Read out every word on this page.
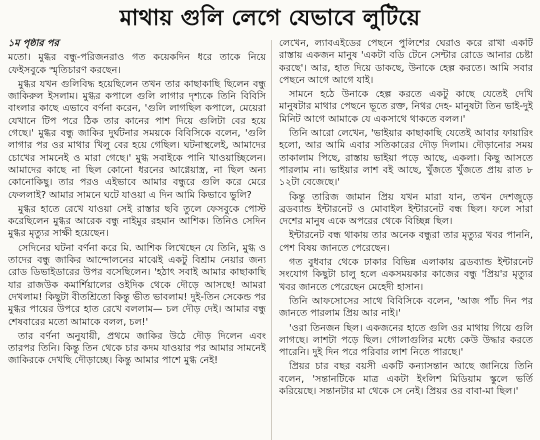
মাথায় গুলি লেগে যেভাবে লুটিয়ে

১ম পৃষ্ঠার পর

মতো। মুগ্ধর বন্ধু-পরিজনরাও গত কয়েকদিন ধরে তাকে নিয়ে ফেইসবুকে স্মৃতিচারণ করছেন।

মুগ্ধর যখন গুলিবিদ্ধ হয়েছিলেন তখন তার কাছাকাছি ছিলেন বন্ধু জাকিরুল ইসলাম। মুগ্ধর কপালে গুলি লাগার দৃশ্যকে তিনি বিবিসি বাংলার কাছে এভাবে বর্ণনা করেন, 'গুলি লাগছিল কপালে, মেয়েরা যেখানে টিপ পরে ঠিক তার কানের পাশ দিয়ে গুলিটা বের হয়ে গেছে।' মুগ্ধর বন্ধু জাকির দুর্ঘটনার সময়কে বিবিসিকে বলেন, 'গুলি লাগার পর ওর মাথার খিলু বের হয়ে গেছিল। ঘটনাস্থলেই, আমাদের চোখের সামনেই ও মারা গেছে।' মুগ্ধ সবাইকে পানি খাওয়াচ্ছিলেন। আমাদের কাছে না ছিল কোনো ধরনের আগ্নেয়াস্ত্র, না ছিল অন্য কোনোকিছু। তার পরও এইভাবে আমার বন্ধুরে গুলি করে মেরে ফেললাই? আমার সামনে ঘটে যাওয়া এ দিন আমি কিভাবে ভুলি?

মুগ্ধর হাতে রেখে যাওয়া সেই রাস্তার ছবি তুলে ফেসবুকে পোস্ট করেছিলেন মুগ্ধর আরেক বন্ধু নাইমুর রহমান আশিক। তিনিও সেদিন মুগ্ধর মৃত্যুর সাক্ষী হয়েছেন।

সেদিনের ঘটনা বর্ণনা করে মি. আশিক লিখেছেন যে তিনি, মুগ্ধ ও তাদের বন্ধু জাকির আন্দোলনের মাঝেই একটু বিশ্রাম নেয়ার জন্য রোড ডিভাইডারের উপর বসেছিলেন। 'হঠাৎ সবাই আমার কাছাকাছি যার রাজউক কমার্শিয়ালের ওইদিক থেকে দৌড়ে আসছে! আমরা দেখলাম! কিছুটা বীতশ্রিতো কিন্তু ভীত ভাবলাম! দুই-তিন সেকেন্ড পর মুগ্ধর পায়ের উপরে হাত রেখে বললাম— চল দৌড় দেই। আমার বন্ধু শেষবারের মতো আমাকে বলল, চল!'

তার বর্ণনা অনুযায়ী, প্রথমে জাকির উঠে দৌড় দিলেন এবং তারপর তিনি। কিন্তু তিন থেকে চার কদম যাওয়ার পর আমার সামনেই জাকিরকে দেখছি দৌড়াচ্ছে। কিন্তু আমার পাশে মুগ্ধ নেই!

লেখেন, ল্যাবএইডের পেছনে পুলিশের ঘেরাও করে রাখা একটি রাস্তায় একজন মানুষ 'একটা বডি টেনে সেন্টার রোডে আনার চেষ্টা করছে'। আর, হাত দিয়ে ডাকছে, উনাকে হেল্প করতে। আমি সবার পেছনে আগে আগে যাই।

সামনে হঠে উনাকে হেল্প করতে একটু কাছে যেতেই দেখি মানুষটার মাথার পেছনে ভূতে রক্ত, নিথর দেহ- মানুষটা তিন ভাই-দুই মিনিট আগে আমাকে যে একসাথে থাকতে বলল।'

তিনি আরো লেখেন, 'ভাইয়ার কাছাকাছি যেতেই আবার ফায়ারিং হলো, আর আমি এবার সতিকারের দৌড় দিলাম। দৌড়ানোর সময় তাকালাম পিছে, রাস্তায় ভাইয়া পড়ে আছে, একলা। কিছু আসতে পারলাম না। ভাইয়ার লাশ বই আছে, খুঁজতে খুঁজতে প্রায় রাত ৮ ১২টা বেজেছে।'

কিন্তু তারিজ জামান প্রিয় যখন মারা যান, তখন দেশজুড়ে ব্রডব্যান্ড ইন্টারনেট ও মোবাইল ইন্টারনেট বন্ধ ছিল। ফলে সারা দেশের মানুষ একে অপরের থেকে বিচ্ছিন্ন ছিল।

ইন্টারনেট বন্ধ থাকায় তার অনেক বন্ধুরা তার মৃত্যুর খবর পাননি, পেশ বিষয় জানতে পেরেছেন।

গত বুধবার থেকে ঢাকার বিভিন্ন এলাকায় ব্রডব্যান্ড ইন্টারনেট সংযোগ কিছুটা চালু হলে একসময়কার কাজের বন্ধু 'প্রিয়'র মৃত্যুর খবর জানতে পেরেছেন মেহেদী হাসান।

তিনি আফসোসের সাথে বিবিসিকে বলেন, 'আজ পাঁচ দিন পর জানতে পারলাম প্রিয় আর নাই।'

'ওরা তিনজন ছিল। একজনের হাতে গুলি ওর মাথায় গিয়ে গুলি লাগছে। লাশটা পড়ে ছিল। গোলাগুলির মধ্যে কেউ উদ্ধার করতে পারেনি। দুই দিন পরে পরিবার লাশ নিতে পারছে।'

প্রিয়র চার বছর বয়সী একটি কন্যাসন্তান আছে জানিয়ে তিনি বলেন, 'সন্তানটিকে মাত্র একটা ইংলিশ মিডিয়াম স্কুলে ভর্তি করিয়েছে। সন্তানটার মা থেকে সে নেই। প্রিয়র ওর বাবা-মা ছিল।'
